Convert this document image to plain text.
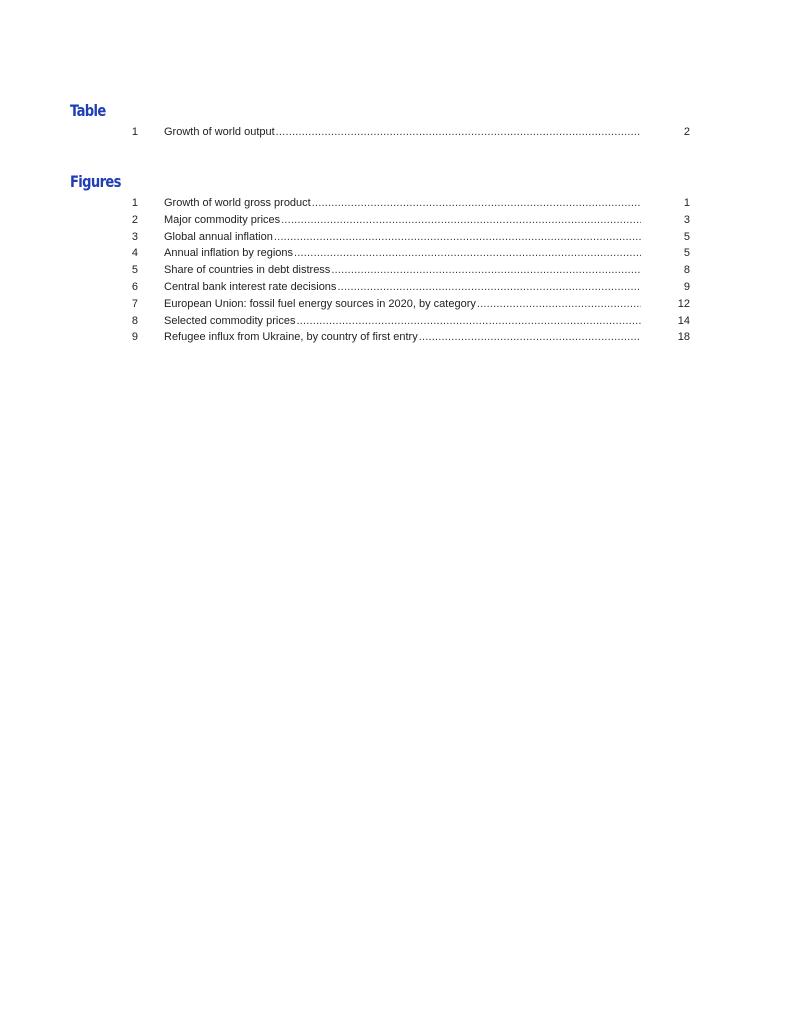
Table
1 Growth of world output .....	2
Figures
1 Growth of world gross product .....	1
2 Major commodity prices .....	3
3 Global annual inflation .....	5
4 Annual inflation by regions .....	5
5 Share of countries in debt distress .....	8
6 Central bank interest rate decisions .....	9
7 European Union: fossil fuel energy sources in 2020, by category .....	12
8 Selected commodity prices .....	14
9 Refugee influx from Ukraine, by country of first entry .....	18
